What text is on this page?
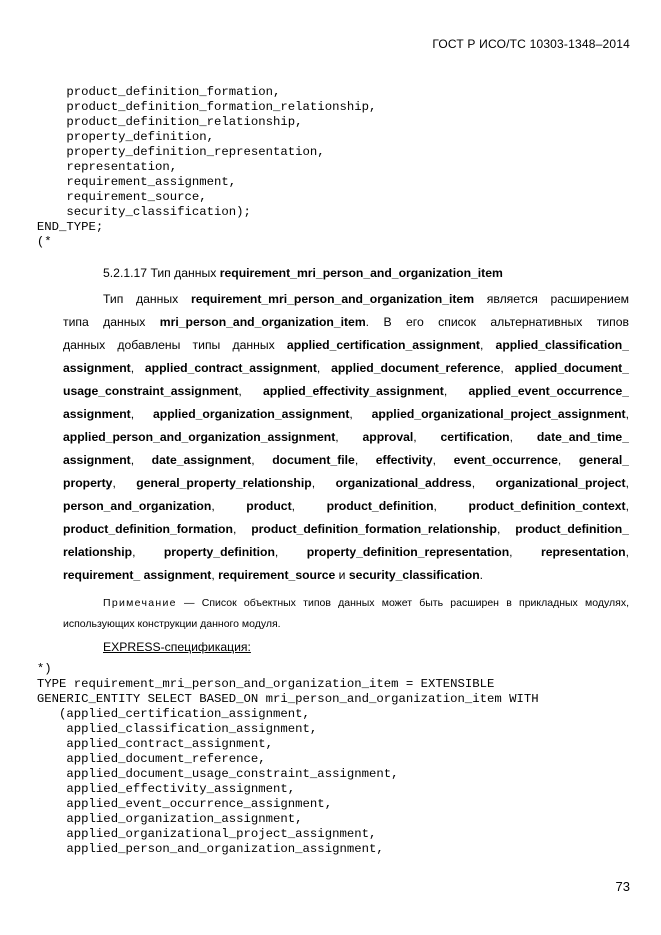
ГОСТ Р ИСО/ТС 10303-1348–2014
product_definition_formation,
product_definition_formation_relationship,
product_definition_relationship,
property_definition,
property_definition_representation,
representation,
requirement_assignment,
requirement_source,
security_classification);
END_TYPE;
(*
5.2.1.17 Тип данных requirement_mri_person_and_organization_item
Тип данных requirement_mri_person_and_organization_item является расширением
типа данных mri_person_and_organization_item. В его список альтернативных типов
данных добавлены типы данных applied_certification_assignment, applied_classification_
assignment, applied_contract_assignment, applied_document_reference, applied_document_
usage_constraint_assignment, applied_effectivity_assignment, applied_event_occurrence_
assignment, applied_organization_assignment, applied_organizational_project_assignment,
applied_person_and_organization_assignment, approval, certification, date_and_time_
assignment, date_assignment, document_file, effectivity, event_occurrence, general_
property, general_property_relationship, organizational_address, organizational_project,
person_and_organization, product, product_definition, product_definition_context,
product_definition_formation, product_definition_formation_relationship, product_definition_
relationship, property_definition, property_definition_representation, representation,
requirement_ assignment, requirement_source и security_classification.
Примечание — Список объектных типов данных может быть расширен в прикладных модулях,
использующих конструкции данного модуля.
EXPRESS-спецификация:
*)
TYPE requirement_mri_person_and_organization_item = EXTENSIBLE
GENERIC_ENTITY SELECT BASED_ON mri_person_and_organization_item WITH
(applied_certification_assignment,
applied_classification_assignment,
applied_contract_assignment,
applied_document_reference,
applied_document_usage_constraint_assignment,
applied_effectivity_assignment,
applied_event_occurrence_assignment,
applied_organization_assignment,
applied_organizational_project_assignment,
applied_person_and_organization_assignment,
73
